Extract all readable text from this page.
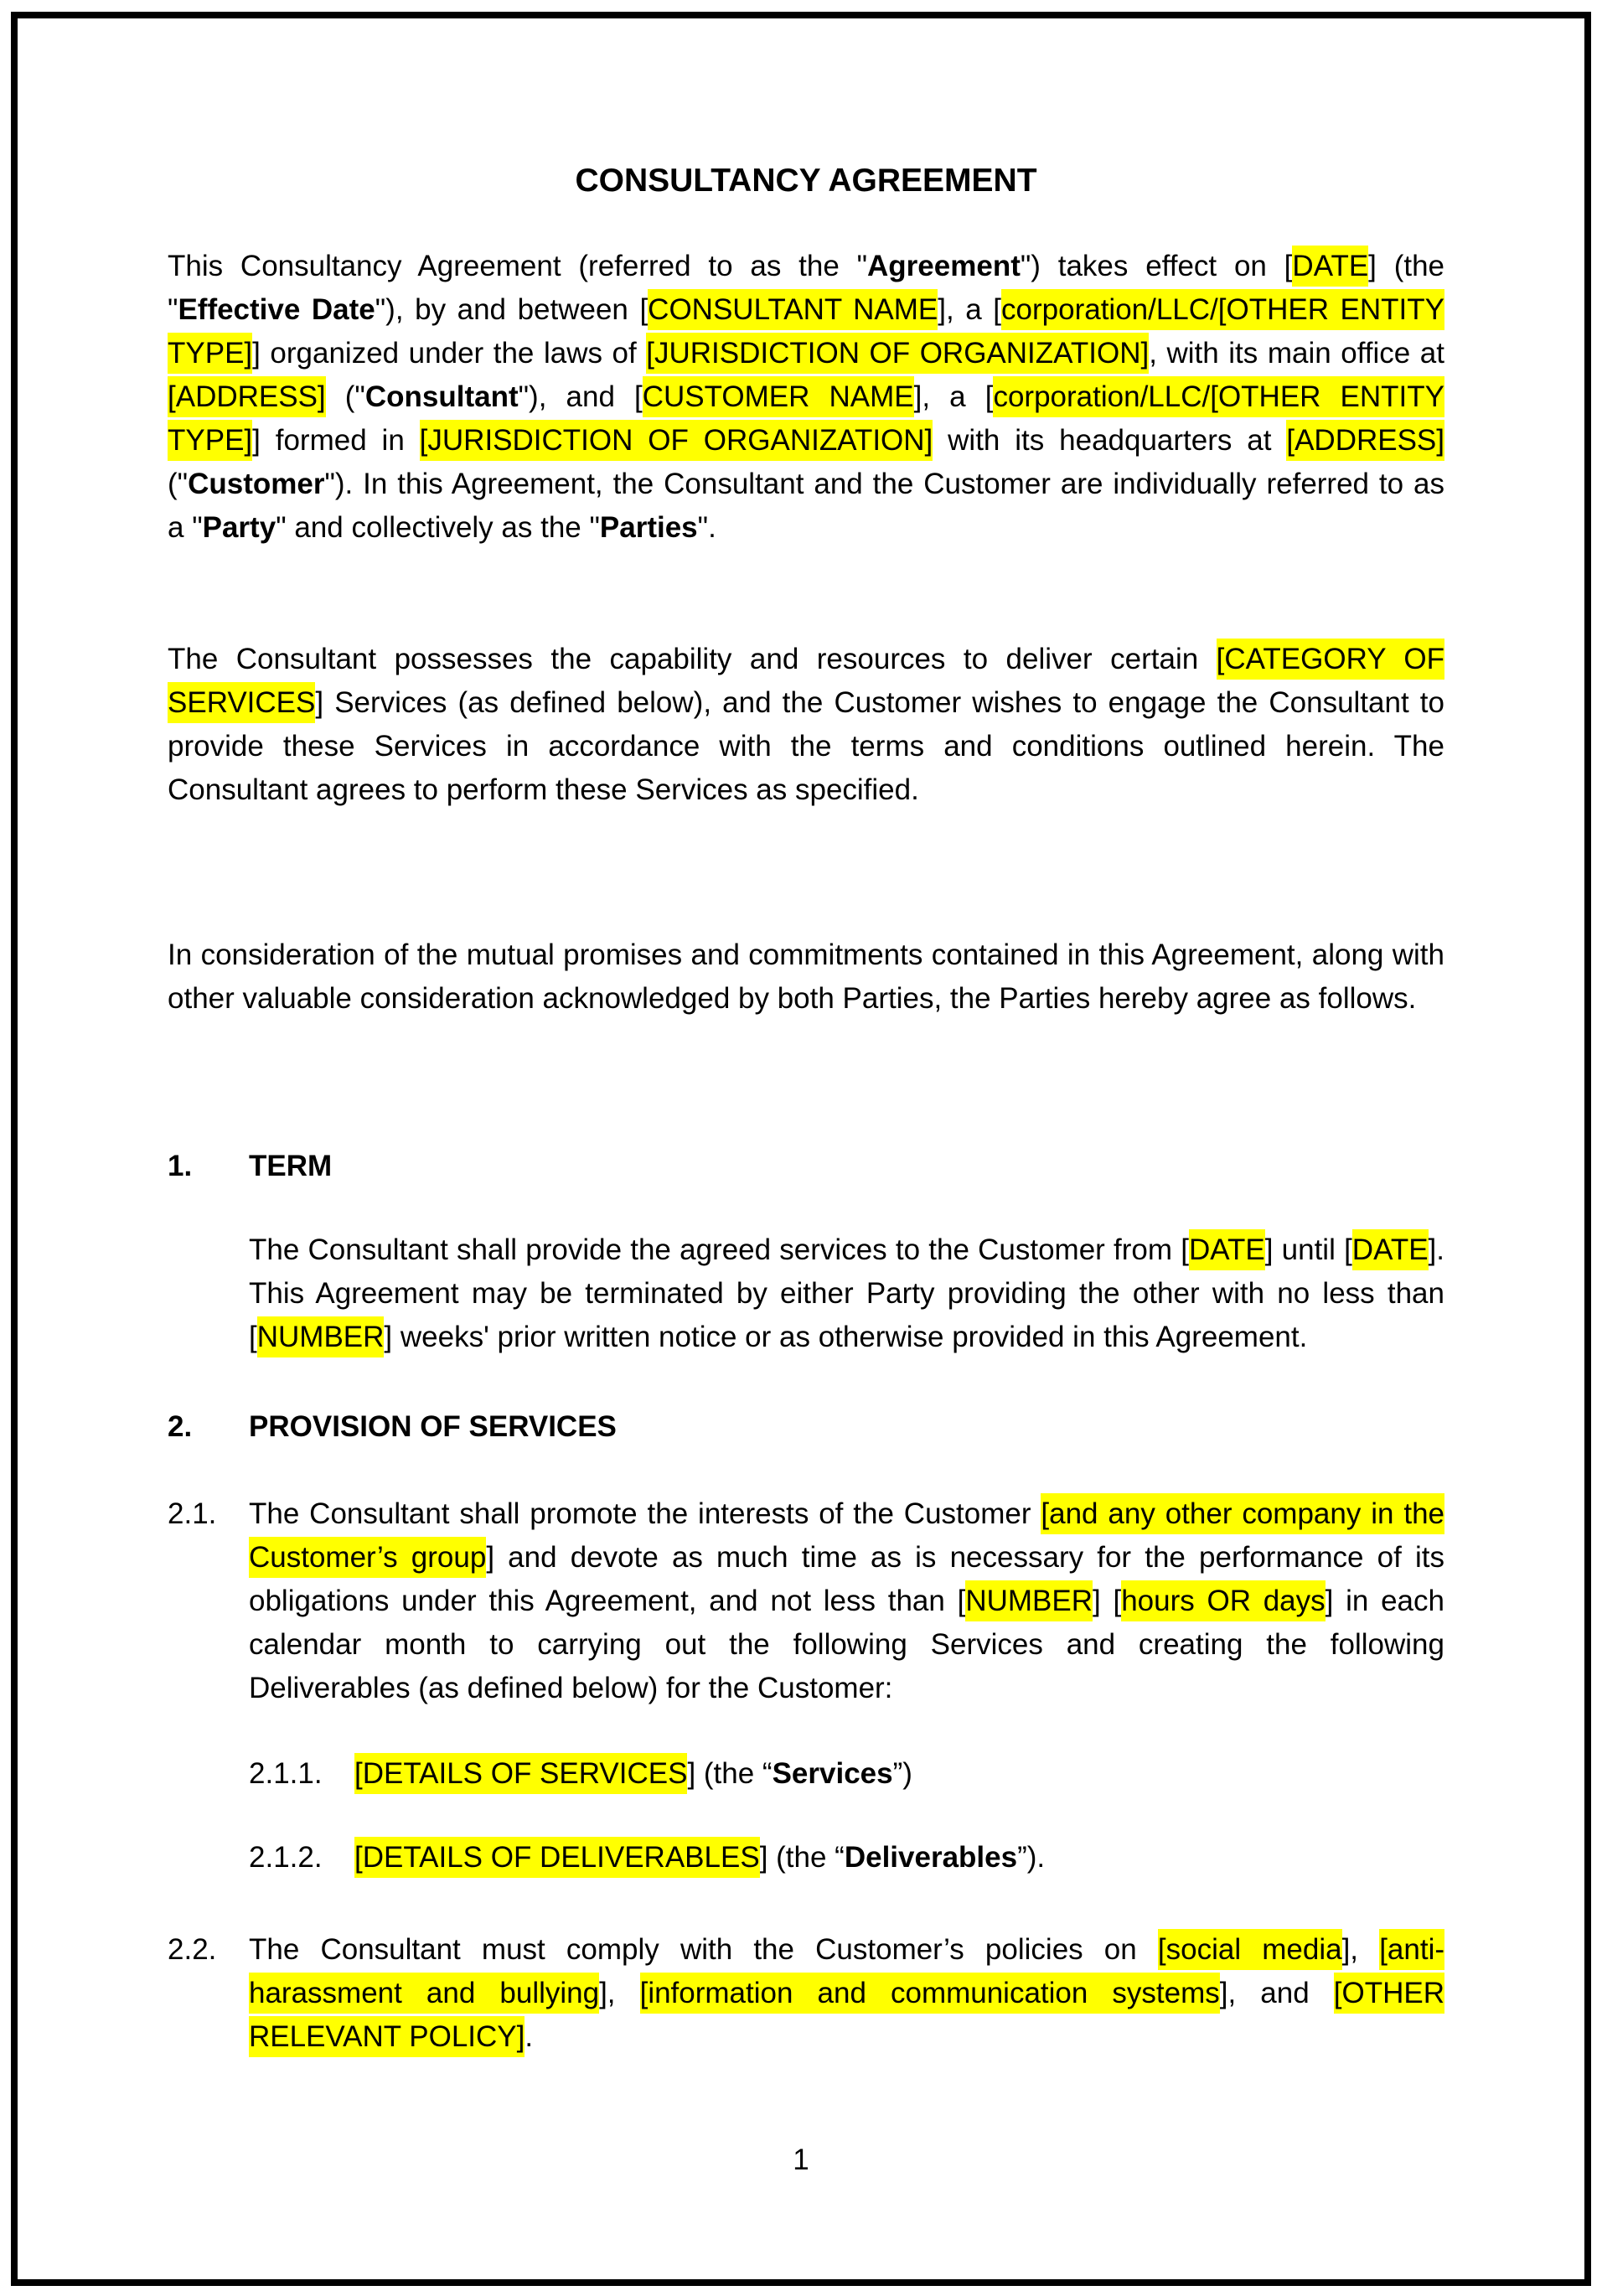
CONSULTANCY AGREEMENT

This Consultancy Agreement (referred to as the "Agreement") takes effect on [DATE] (the "Effective Date"), by and between [CONSULTANT NAME], a [corporation/LLC/[OTHER ENTITY TYPE]] organized under the laws of [JURISDICTION OF ORGANIZATION], with its main office at [ADDRESS] ("Consultant"), and [CUSTOMER NAME], a [corporation/LLC/[OTHER ENTITY TYPE]] formed in [JURISDICTION OF ORGANIZATION] with its headquarters at [ADDRESS] ("Customer"). In this Agreement, the Consultant and the Customer are individually referred to as a "Party" and collectively as the "Parties".

The Consultant possesses the capability and resources to deliver certain [CATEGORY OF SERVICES] Services (as defined below), and the Customer wishes to engage the Consultant to provide these Services in accordance with the terms and conditions outlined herein. The Consultant agrees to perform these Services as specified.

In consideration of the mutual promises and commitments contained in this Agreement, along with other valuable consideration acknowledged by both Parties, the Parties hereby agree as follows.

1. TERM

The Consultant shall provide the agreed services to the Customer from [DATE] until [DATE]. This Agreement may be terminated by either Party providing the other with no less than [NUMBER] weeks' prior written notice or as otherwise provided in this Agreement.

2. PROVISION OF SERVICES

2.1. The Consultant shall promote the interests of the Customer [and any other company in the Customer’s group] and devote as much time as is necessary for the performance of its obligations under this Agreement, and not less than [NUMBER] [hours OR days] in each calendar month to carrying out the following Services and creating the following Deliverables (as defined below) for the Customer:

2.1.1. [DETAILS OF SERVICES] (the “Services”)

2.1.2. [DETAILS OF DELIVERABLES] (the “Deliverables”).

2.2. The Consultant must comply with the Customer’s policies on [social media], [anti-harassment and bullying], [information and communication systems], and [OTHER RELEVANT POLICY].

1
